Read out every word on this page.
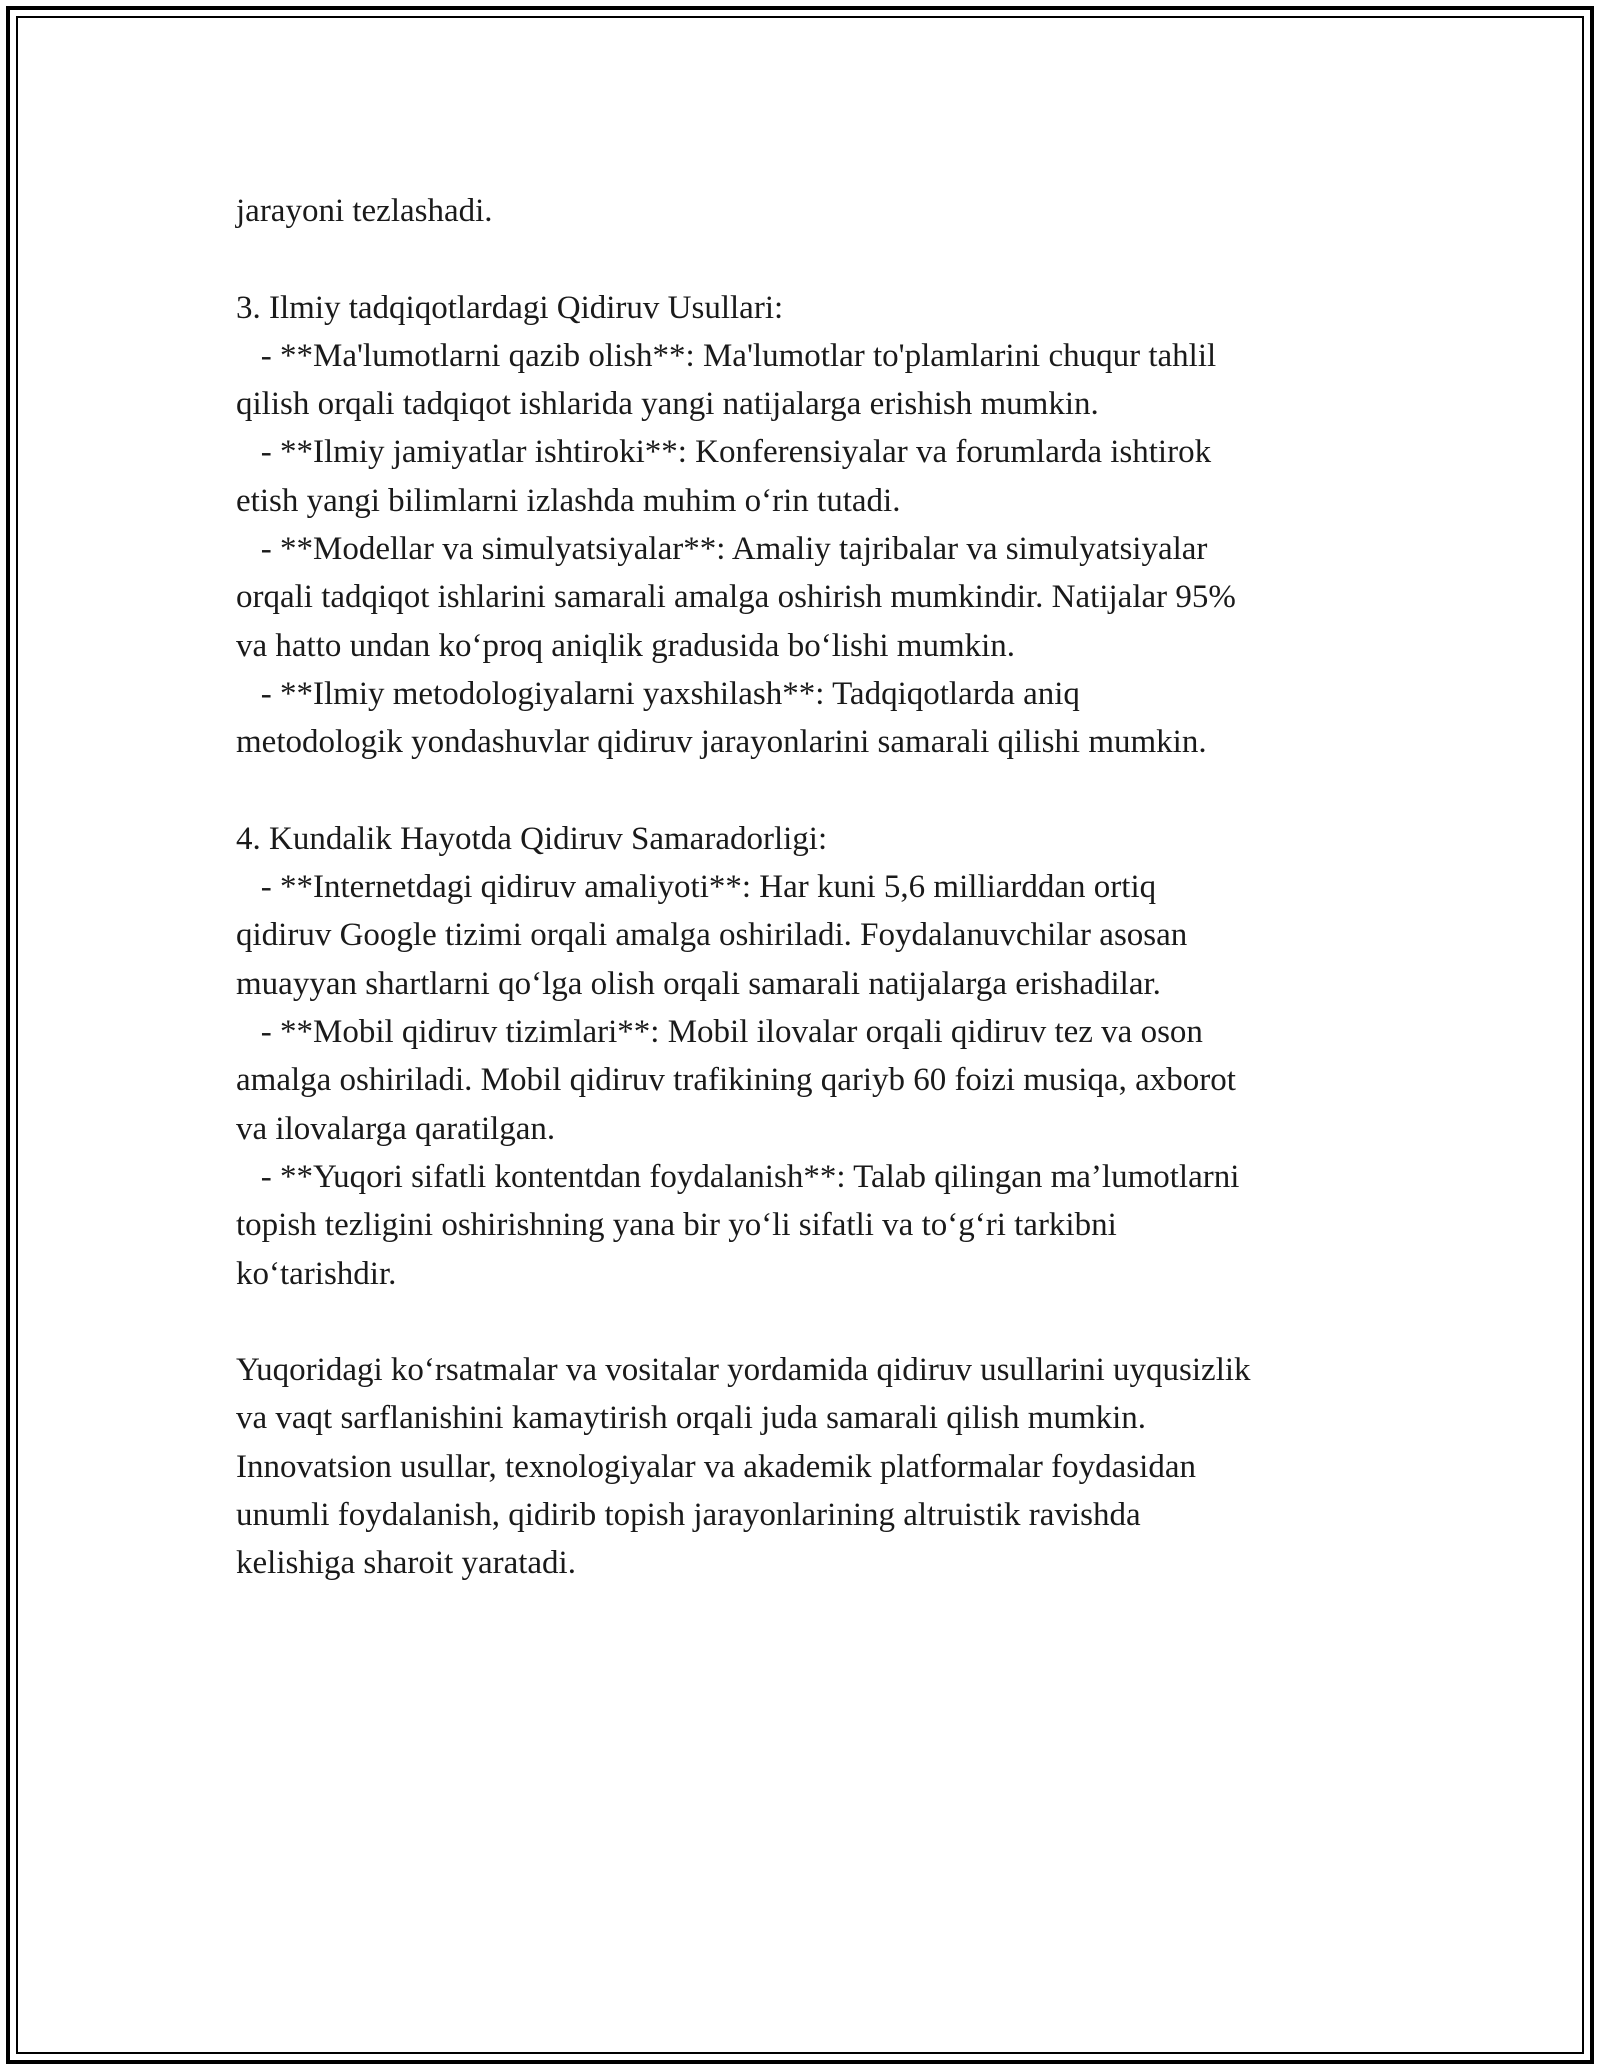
jarayoni tezlashadi.
3. Ilmiy tadqiqotlardagi Qidiruv Usullari:
- **Ma'lumotlarni qazib olish**: Ma'lumotlar to'plamlarini chuqur tahlil
qilish orqali tadqiqot ishlarida yangi natijalarga erishish mumkin.
- **Ilmiy jamiyatlar ishtiroki**: Konferensiyalar va forumlarda ishtirok
etish yangi bilimlarni izlashda muhim o‘rin tutadi.
- **Modellar va simulyatsiyalar**: Amaliy tajribalar va simulyatsiyalar
orqali tadqiqot ishlarini samarali amalga oshirish mumkindir. Natijalar 95%
va hatto undan ko‘proq aniqlik gradusida bo‘lishi mumkin.
- **Ilmiy metodologiyalarni yaxshilash**: Tadqiqotlarda aniq
metodologik yondashuvlar qidiruv jarayonlarini samarali qilishi mumkin.
4. Kundalik Hayotda Qidiruv Samaradorligi:
- **Internetdagi qidiruv amaliyoti**: Har kuni 5,6 milliarddan ortiq
qidiruv Google tizimi orqali amalga oshiriladi. Foydalanuvchilar asosan
muayyan shartlarni qo‘lga olish orqali samarali natijalarga erishadilar.
- **Mobil qidiruv tizimlari**: Mobil ilovalar orqali qidiruv tez va oson
amalga oshiriladi. Mobil qidiruv trafikining qariyb 60 foizi musiqa, axborot
va ilovalarga qaratilgan.
- **Yuqori sifatli kontentdan foydalanish**: Talab qilingan ma’lumotlarni
topish tezligini oshirishning yana bir yo‘li sifatli va to‘g‘ri tarkibni
ko‘tarishdir.
Yuqoridagi ko‘rsatmalar va vositalar yordamida qidiruv usullarini uyqusizlik
va vaqt sarflanishini kamaytirish orqali juda samarali qilish mumkin.
Innovatsion usullar, texnologiyalar va akademik platformalar foydasidan
unumli foydalanish, qidirib topish jarayonlarining altruistik ravishda
kelishiga sharoit yaratadi.
